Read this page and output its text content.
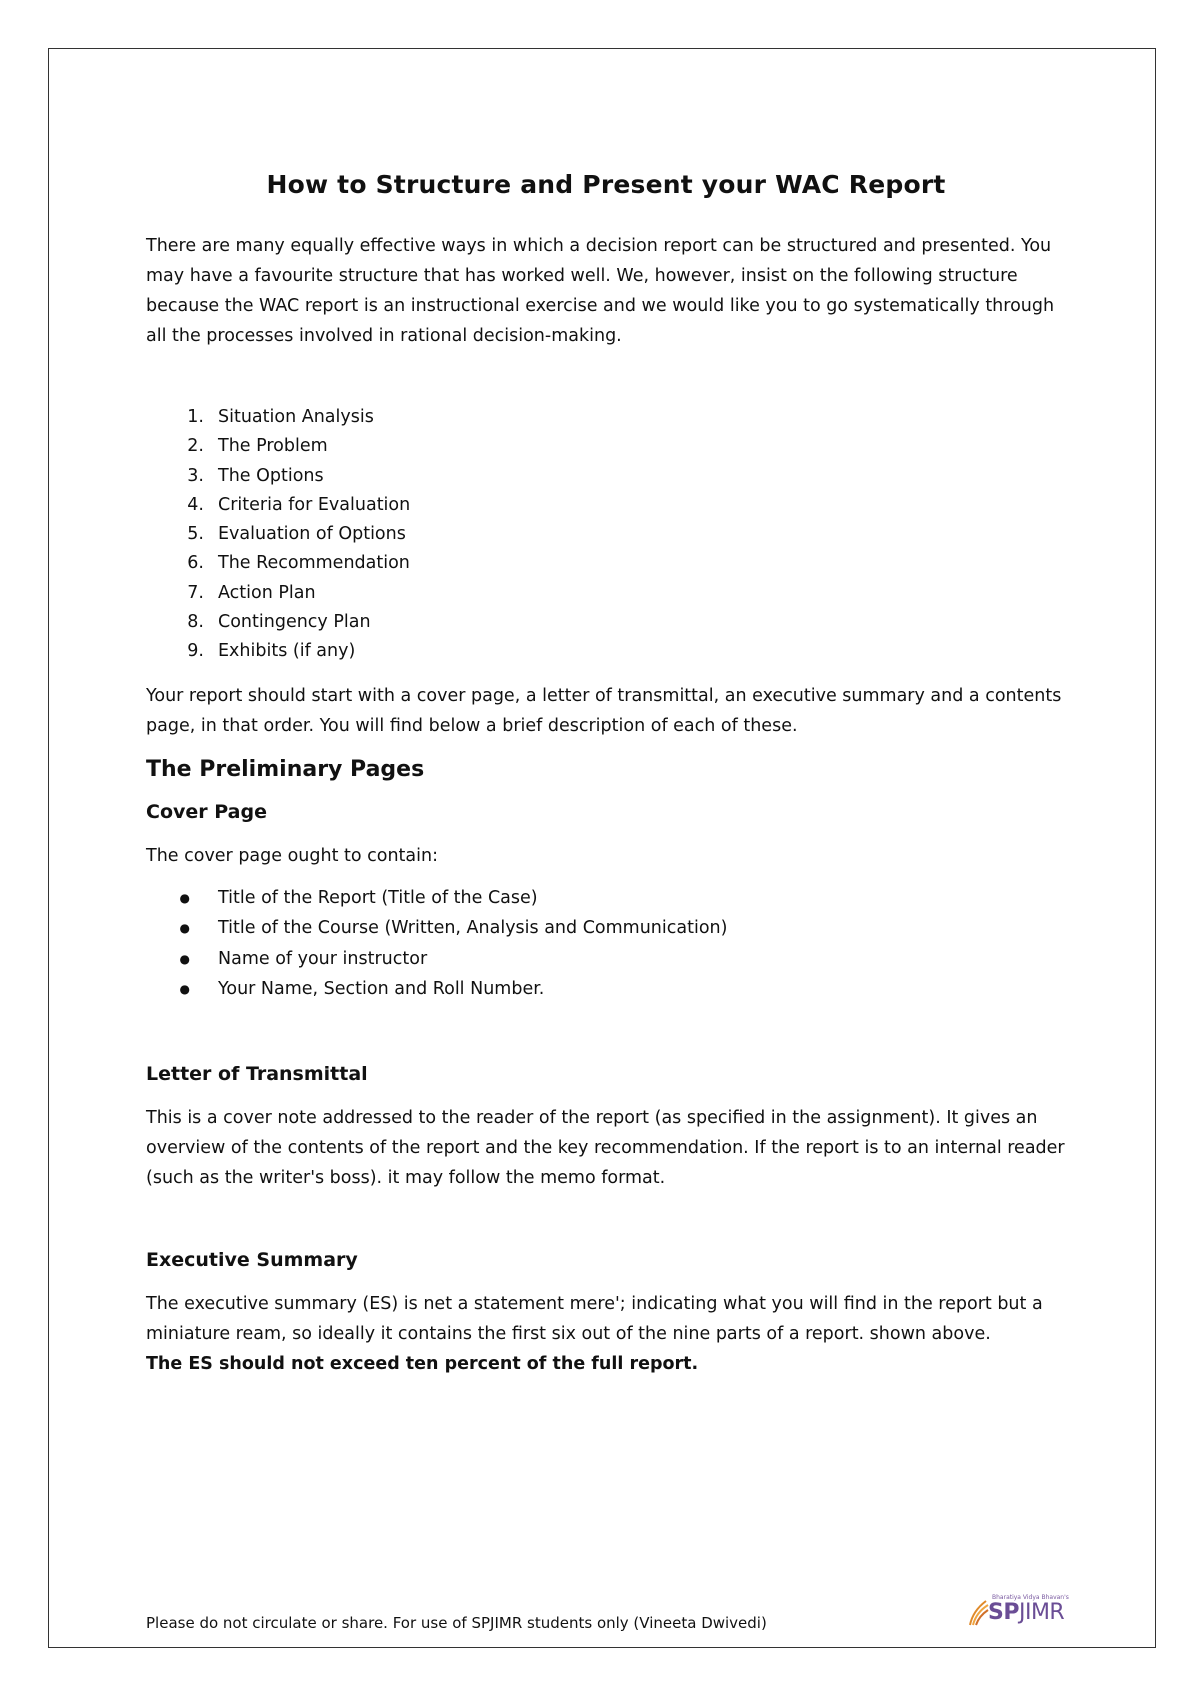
How to Structure and Present your WAC Report

There are many equally effective ways in which a decision report can be structured and presented. You may have a favourite structure that has worked well. We, however, insist on the following structure because the WAC report is an instructional exercise and we would like you to go systematically through all the processes involved in rational decision-making.

1. Situation Analysis
2. The Problem
3. The Options
4. Criteria for Evaluation
5. Evaluation of Options
6. The Recommendation
7. Action Plan
8. Contingency Plan
9. Exhibits (if any)

Your report should start with a cover page, a letter of transmittal, an executive summary and a contents page, in that order. You will find below a brief description of each of these.

The Preliminary Pages
Cover Page

The cover page ought to contain:

●	Title of the Report (Title of the Case)
●	Title of the Course (Written, Analysis and Communication)
●	Name of your instructor
●	Your Name, Section and Roll Number.
Letter of Transmittal

This is a cover note addressed to the reader of the report (as specified in the assignment). It gives an overview of the contents of the report and the key recommendation. If the report is to an internal reader (such as the writer's boss). it may follow the memo format.

Executive Summary

The executive summary (ES) is net a statement mere'; indicating what you will find in the report but a miniature ream, so ideally it contains the first six out of the nine parts of a report. shown above.

The ES should not exceed ten percent of the full report.

Please do not circulate or share. For use of SPJIMR students only (Vineeta Dwivedi)
Bharatiya Vidya Bhavan's
SPJIMR
